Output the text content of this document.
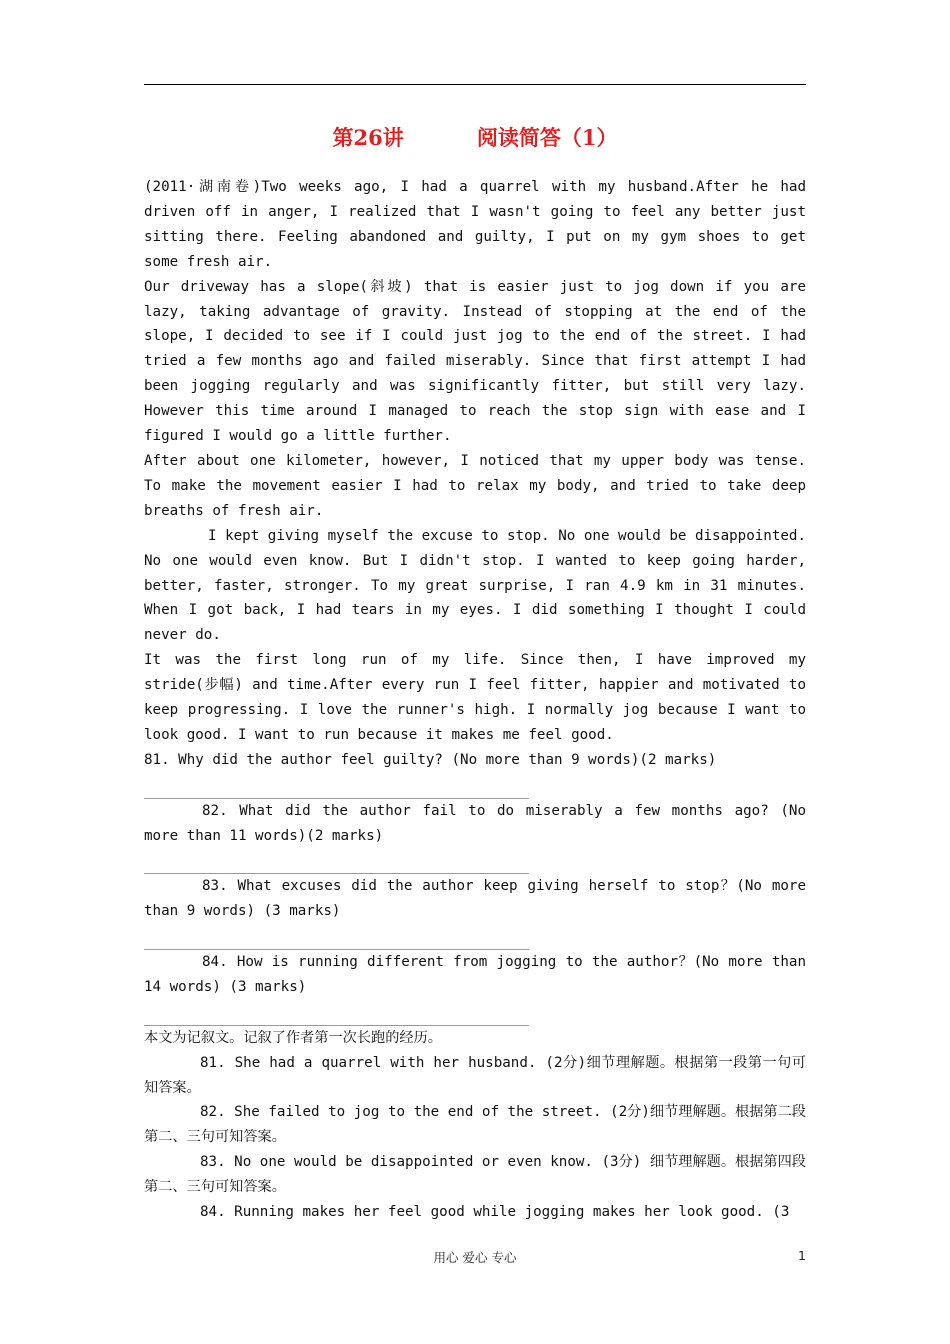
第26讲          阅读简答（1）

(2011·湖南卷)Two weeks ago, I had a quarrel with my husband.After he had driven off in anger, I realized that I wasn't going to feel any better just sitting there. Feeling abandoned and guilty, I put on my gym shoes to get some fresh air.

Our driveway has a slope(斜坡) that is easier just to jog down if you are lazy, taking advantage of gravity. Instead of stopping at the end of the slope, I decided to see if I could just jog to the end of the street. I had tried a few months ago and failed miserably. Since that first attempt I had been jogging regularly and was significantly fitter, but still very lazy. However this time around I managed to reach the stop sign with ease and I figured I would go a little further.

After about one kilometer, however, I noticed that my upper body was tense. To make the movement easier I had to relax my body, and tried to take deep breaths of fresh air.

I kept giving myself the excuse to stop. No one would be disappointed. No one would even know. But I didn't stop. I wanted to keep going harder, better, faster, stronger. To my great surprise, I ran 4.9 km in 31 minutes. When I got back, I had tears in my eyes. I did something I thought I could never do.

It was the first long run of my life. Since then, I have improved my stride(步幅) and time.After every run I feel fitter, happier and motivated to keep progressing. I love the runner's high. I normally jog because I want to look good. I want to run because it makes me feel good.

81. Why did the author feel guilty? (No more than 9 words)(2 marks)

82. What did the author fail to do miserably a few months ago? (No more than 11 words)(2 marks)

83. What excuses did the author keep giving herself to stop？(No more than 9 words) (3 marks)

84. How is running different from jogging to the author？(No more than 14 words) (3 marks)

本文为记叙文。记叙了作者第一次长跑的经历。

81. She had a quarrel with her husband. (2分)细节理解题。根据第一段第一句可知答案。

82. She failed to jog to the end of the street. (2分)细节理解题。根据第二段第二、三句可知答案。

83. No one would be disappointed or even know. (3分) 细节理解题。根据第四段第二、三句可知答案。

84. Running makes her feel good while jogging makes her look good. (3

用心 爱心 专心	1
